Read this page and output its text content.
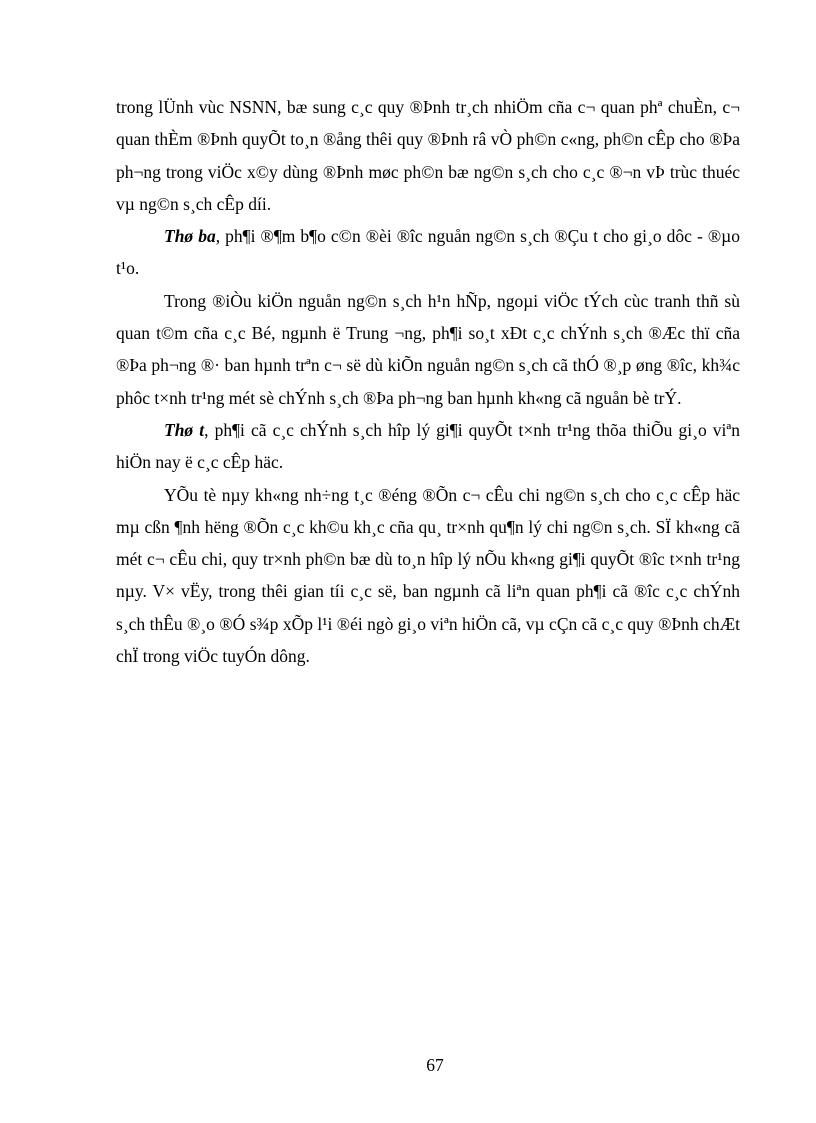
trong lÜnh vùc NSNN, bæ sung c¸c quy ®Þnh tr¸ch nhiÖm cña c¬ quan phª chuÈn, c¬ quan thÈm ®Þnh quyÕt to¸n ®ång thêi quy ®Þnh râ vÒ ph©n c«ng, ph©n cÊp cho ®Þa ph¬ng trong viÖc x©y dùng ®Þnh møc ph©n bæ ng©n s¸ch cho c¸c ®¬n vÞ trùc thuéc vµ ng©n s¸ch cÊp díi.

Thø ba, ph¶i ®¶m b¶o c©n ®èi ®îc nguån ng©n s¸ch ®Çu t cho gi¸o dôc - ®µo t¹o.

Trong ®iÒu kiÖn nguån ng©n s¸ch h¹n hÑp, ngoµi viÖc tÝch cùc tranh thñ sù quan t©m cña c¸c Bé, ngµnh ë Trung ¬ng, ph¶i so¸t xÐt c¸c chÝnh s¸ch ®Æc thï cña ®Þa ph¬ng ®· ban hµnh trªn c¬ së dù kiÕn nguån ng©n s¸ch cã thÓ ®¸p øng ®îc, kh¾c phôc t×nh tr¹ng mét sè chÝnh s¸ch ®Þa ph¬ng ban hµnh kh«ng cã nguån bè trÝ.

Thø t, ph¶i cã c¸c chÝnh s¸ch hîp lý gi¶i quyÕt t×nh tr¹ng thõa thiÕu gi¸o viªn hiÖn nay ë c¸c cÊp häc.

YÕu tè nµy kh«ng nh÷ng t¸c ®éng ®Õn c¬ cÊu chi ng©n s¸ch cho c¸c cÊp häc mµ cßn ¶nh hëng ®Õn c¸c kh©u kh¸c cña qu¸ tr×nh qu¶n lý chi ng©n s¸ch. SÏ kh«ng cã mét c¬ cÊu chi, quy tr×nh ph©n bæ dù to¸n hîp lý nÕu kh«ng gi¶i quyÕt ®îc t×nh tr¹ng nµy. V× vËy, trong thêi gian tíi c¸c së, ban ngµnh cã liªn quan ph¶i cã ®îc c¸c chÝnh s¸ch thÊu ®¸o ®Ó s¾p xÕp l¹i ®éi ngò gi¸o viªn hiÖn cã, vµ cÇn cã c¸c quy ®Þnh chÆt chÏ trong viÖc tuyÓn dông.

67
